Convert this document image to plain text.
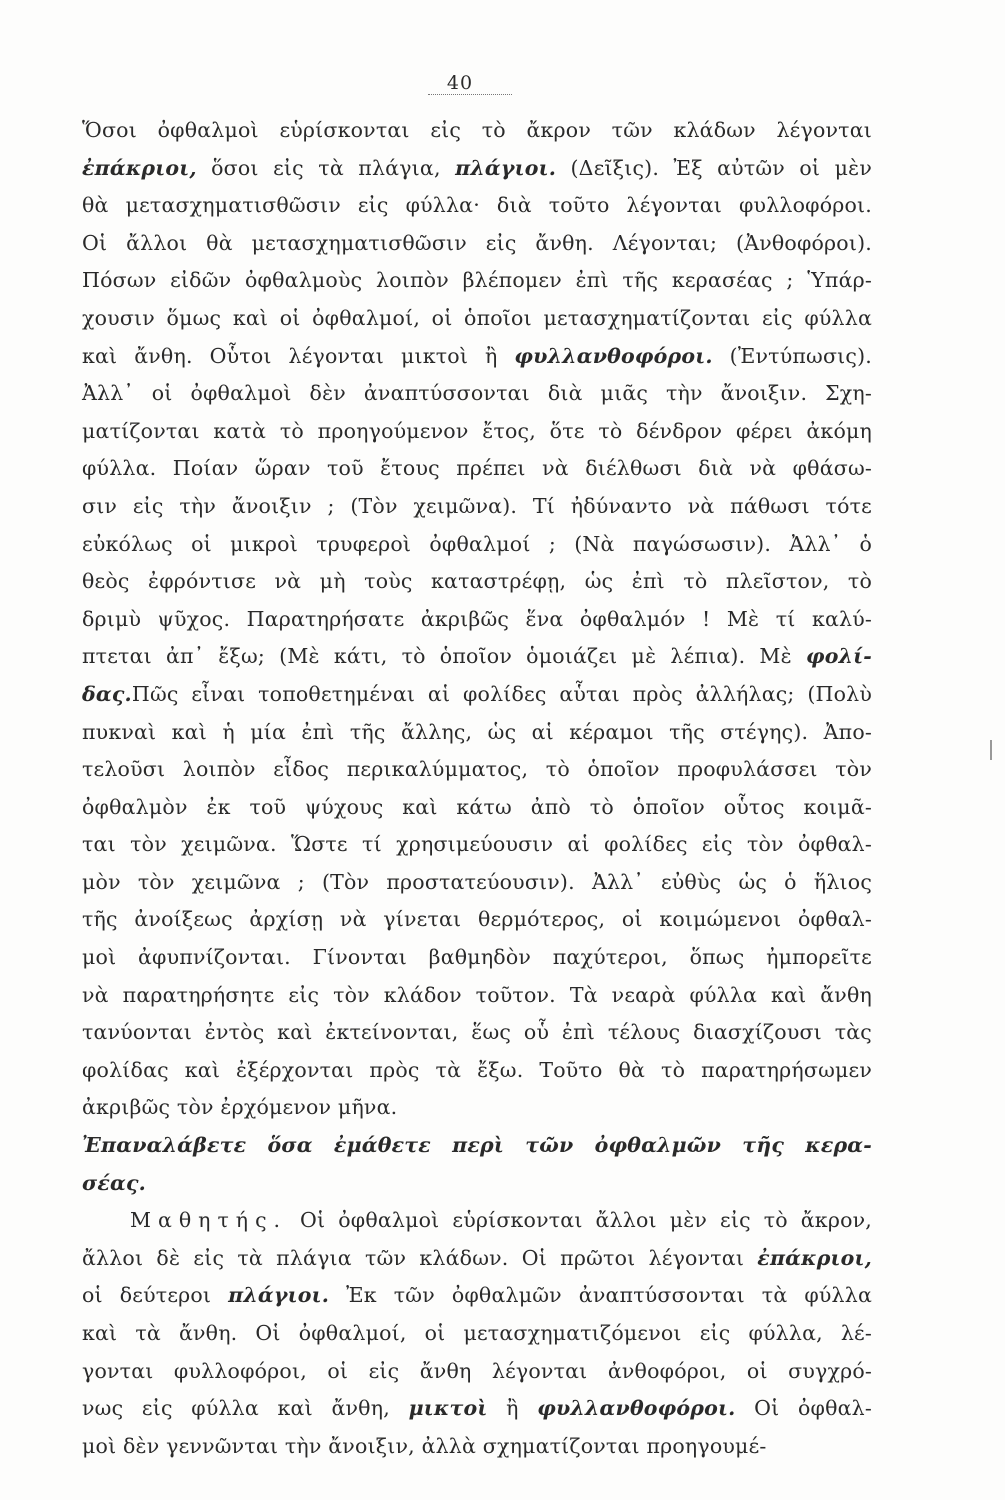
40
Ὅσοι ὀφθαλμοὶ εὑρίσκονται εἰς τὸ ἄκρον τῶν κλάδων λέγονται
ἐπάκριοι, ὅσοι εἰς τὰ πλάγια, πλάγιοι. (Δεῖξις). Ἐξ αὐτῶν οἱ μὲν
θὰ μετασχηματισθῶσιν εἰς φύλλα· διὰ τοῦτο λέγονται φυλλοφόροι.
Οἱ ἄλλοι θὰ μετασχηματισθῶσιν εἰς ἄνθη. Λέγονται; (Ἀνθοφόροι).
Πόσων εἰδῶν ὀφθαλμοὺς λοιπὸν βλέπομεν ἐπὶ τῆς κερασέας ; Ὑπάρ-
χουσιν ὅμως καὶ οἱ ὀφθαλμοί, οἱ ὁποῖοι μετασχηματίζονται εἰς φύλλα
καὶ ἄνθη. Οὗτοι λέγονται μικτοὶ ἢ φυλλανθοφόροι. (Ἐντύπωσις).
Ἀλλ᾽ οἱ ὀφθαλμοὶ δὲν ἀναπτύσσονται διὰ μιᾶς τὴν ἄνοιξιν. Σχη-
ματίζονται κατὰ τὸ προηγούμενον ἔτος, ὅτε τὸ δένδρον φέρει ἀκόμη
φύλλα. Ποίαν ὥραν τοῦ ἔτους πρέπει νὰ διέλθωσι διὰ νὰ φθάσω-
σιν εἰς τὴν ἄνοιξιν ; (Τὸν χειμῶνα). Τί ἠδύναντο νὰ πάθωσι τότε
εὐκόλως οἱ μικροὶ τρυφεροὶ ὀφθαλμοί ; (Νὰ παγώσωσιν). Ἀλλ᾽ ὁ
θεὸς ἐφρόντισε νὰ μὴ τοὺς καταστρέφῃ, ὡς ἐπὶ τὸ πλεῖστον, τὸ
δριμὺ ψῦχος. Παρατηρήσατε ἀκριβῶς ἕνα ὀφθαλμόν ! Μὲ τί καλύ-
πτεται ἀπ᾽ ἔξω; (Μὲ κάτι, τὸ ὁποῖον ὁμοιάζει μὲ λέπια). Μὲ φολί-
δας.Πῶς εἶναι τοποθετημέναι αἱ φολίδες αὗται πρὸς ἀλλήλας; (Πολὺ
πυκναὶ καὶ ἡ μία ἐπὶ τῆς ἄλλης, ὡς αἱ κέραμοι τῆς στέγης). Ἀπο-
τελοῦσι λοιπὸν εἶδος περικαλύμματος, τὸ ὁποῖον προφυλάσσει τὸν
ὀφθαλμὸν ἐκ τοῦ ψύχους καὶ κάτω ἀπὸ τὸ ὁποῖον οὗτος κοιμᾶ-
ται τὸν χειμῶνα. Ὥστε τί χρησιμεύουσιν αἱ φολίδες εἰς τὸν ὀφθαλ-
μὸν τὸν χειμῶνα ; (Τὸν προστατεύουσιν). Ἀλλ᾽ εὐθὺς ὡς ὁ ἥλιος
τῆς ἀνοίξεως ἀρχίσῃ νὰ γίνεται θερμότερος, οἱ κοιμώμενοι ὀφθαλ-
μοὶ ἀφυπνίζονται. Γίνονται βαθμηδὸν παχύτεροι, ὅπως ἠμπορεῖτε
νὰ παρατηρήσητε εἰς τὸν κλάδον τοῦτον. Τὰ νεαρὰ φύλλα καὶ ἄνθη
τανύονται ἐντὸς καὶ ἐκτείνονται, ἕως οὗ ἐπὶ τέλους διασχίζουσι τὰς
φολίδας καὶ ἐξέρχονται πρὸς τὰ ἔξω. Τοῦτο θὰ τὸ παρατηρήσωμεν
ἀκριβῶς τὸν ἐρχόμενον μῆνα.
Ἐπαναλάβετε ὅσα ἐμάθετε περὶ τῶν ὀφθαλμῶν τῆς κερα-
σέας.
Μαθητής. Οἱ ὀφθαλμοὶ εὑρίσκονται ἄλλοι μὲν εἰς τὸ ἄκρον,
ἄλλοι δὲ εἰς τὰ πλάγια τῶν κλάδων. Οἱ πρῶτοι λέγονται ἐπάκριοι,
οἱ δεύτεροι πλάγιοι. Ἐκ τῶν ὀφθαλμῶν ἀναπτύσσονται τὰ φύλλα
καὶ τὰ ἄνθη. Οἱ ὀφθαλμοί, οἱ μετασχηματιζόμενοι εἰς φύλλα, λέ-
γονται φυλλοφόροι, οἱ εἰς ἄνθη λέγονται ἀνθοφόροι, οἱ συγχρό-
νως εἰς φύλλα καὶ ἄνθη, μικτοὶ ἢ φυλλανθοφόροι. Οἱ ὀφθαλ-
μοὶ δὲν γεννῶνται τὴν ἄνοιξιν, ἀλλὰ σχηματίζονται προηγουμέ-
